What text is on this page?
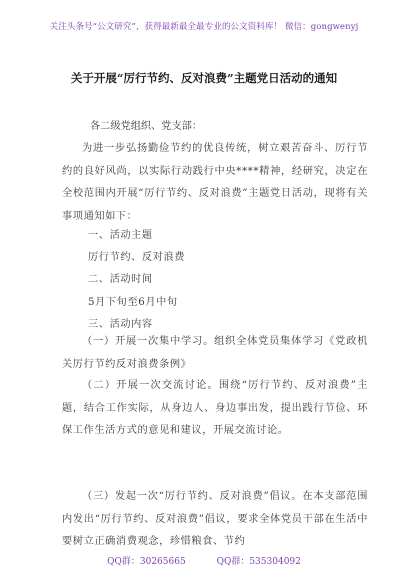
关注头条号“公文研究”，获得最新最全最专业的公文资料库！ 微信：gongwenyj
关于开展“厉行节约、反对浪费”主题党日活动的通知
各二级党组织、党支部：

为进一步弘扬勤俭节约的优良传统，树立艰苦奋斗、厉行节约的良好风尚，以实际行动践行中央****精神，经研究，决定在全校范围内开展“厉行节约、反对浪费”主题党日活动，现将有关事项通知如下：

一、活动主题
厉行节约、反对浪费
二、活动时间
5月下旬至6月中旬
三、活动内容

（一）开展一次集中学习。组织全体党员集体学习《党政机关厉行节约反对浪费条例》

（二）开展一次交流讨论。围绕“厉行节约、反对浪费”主题，结合工作实际，从身边人、身边事出发，提出践行节俭、环保工作生活方式的意见和建议，开展交流讨论。

（三）发起一次“厉行节约、反对浪费”倡议。在本支部范围内发出“厉行节约、反对浪费”倡议，要求全体党员干部在生活中要树立正确消费观念，珍惜粮食、节约

QQ群：30265665	QQ群：535304092
